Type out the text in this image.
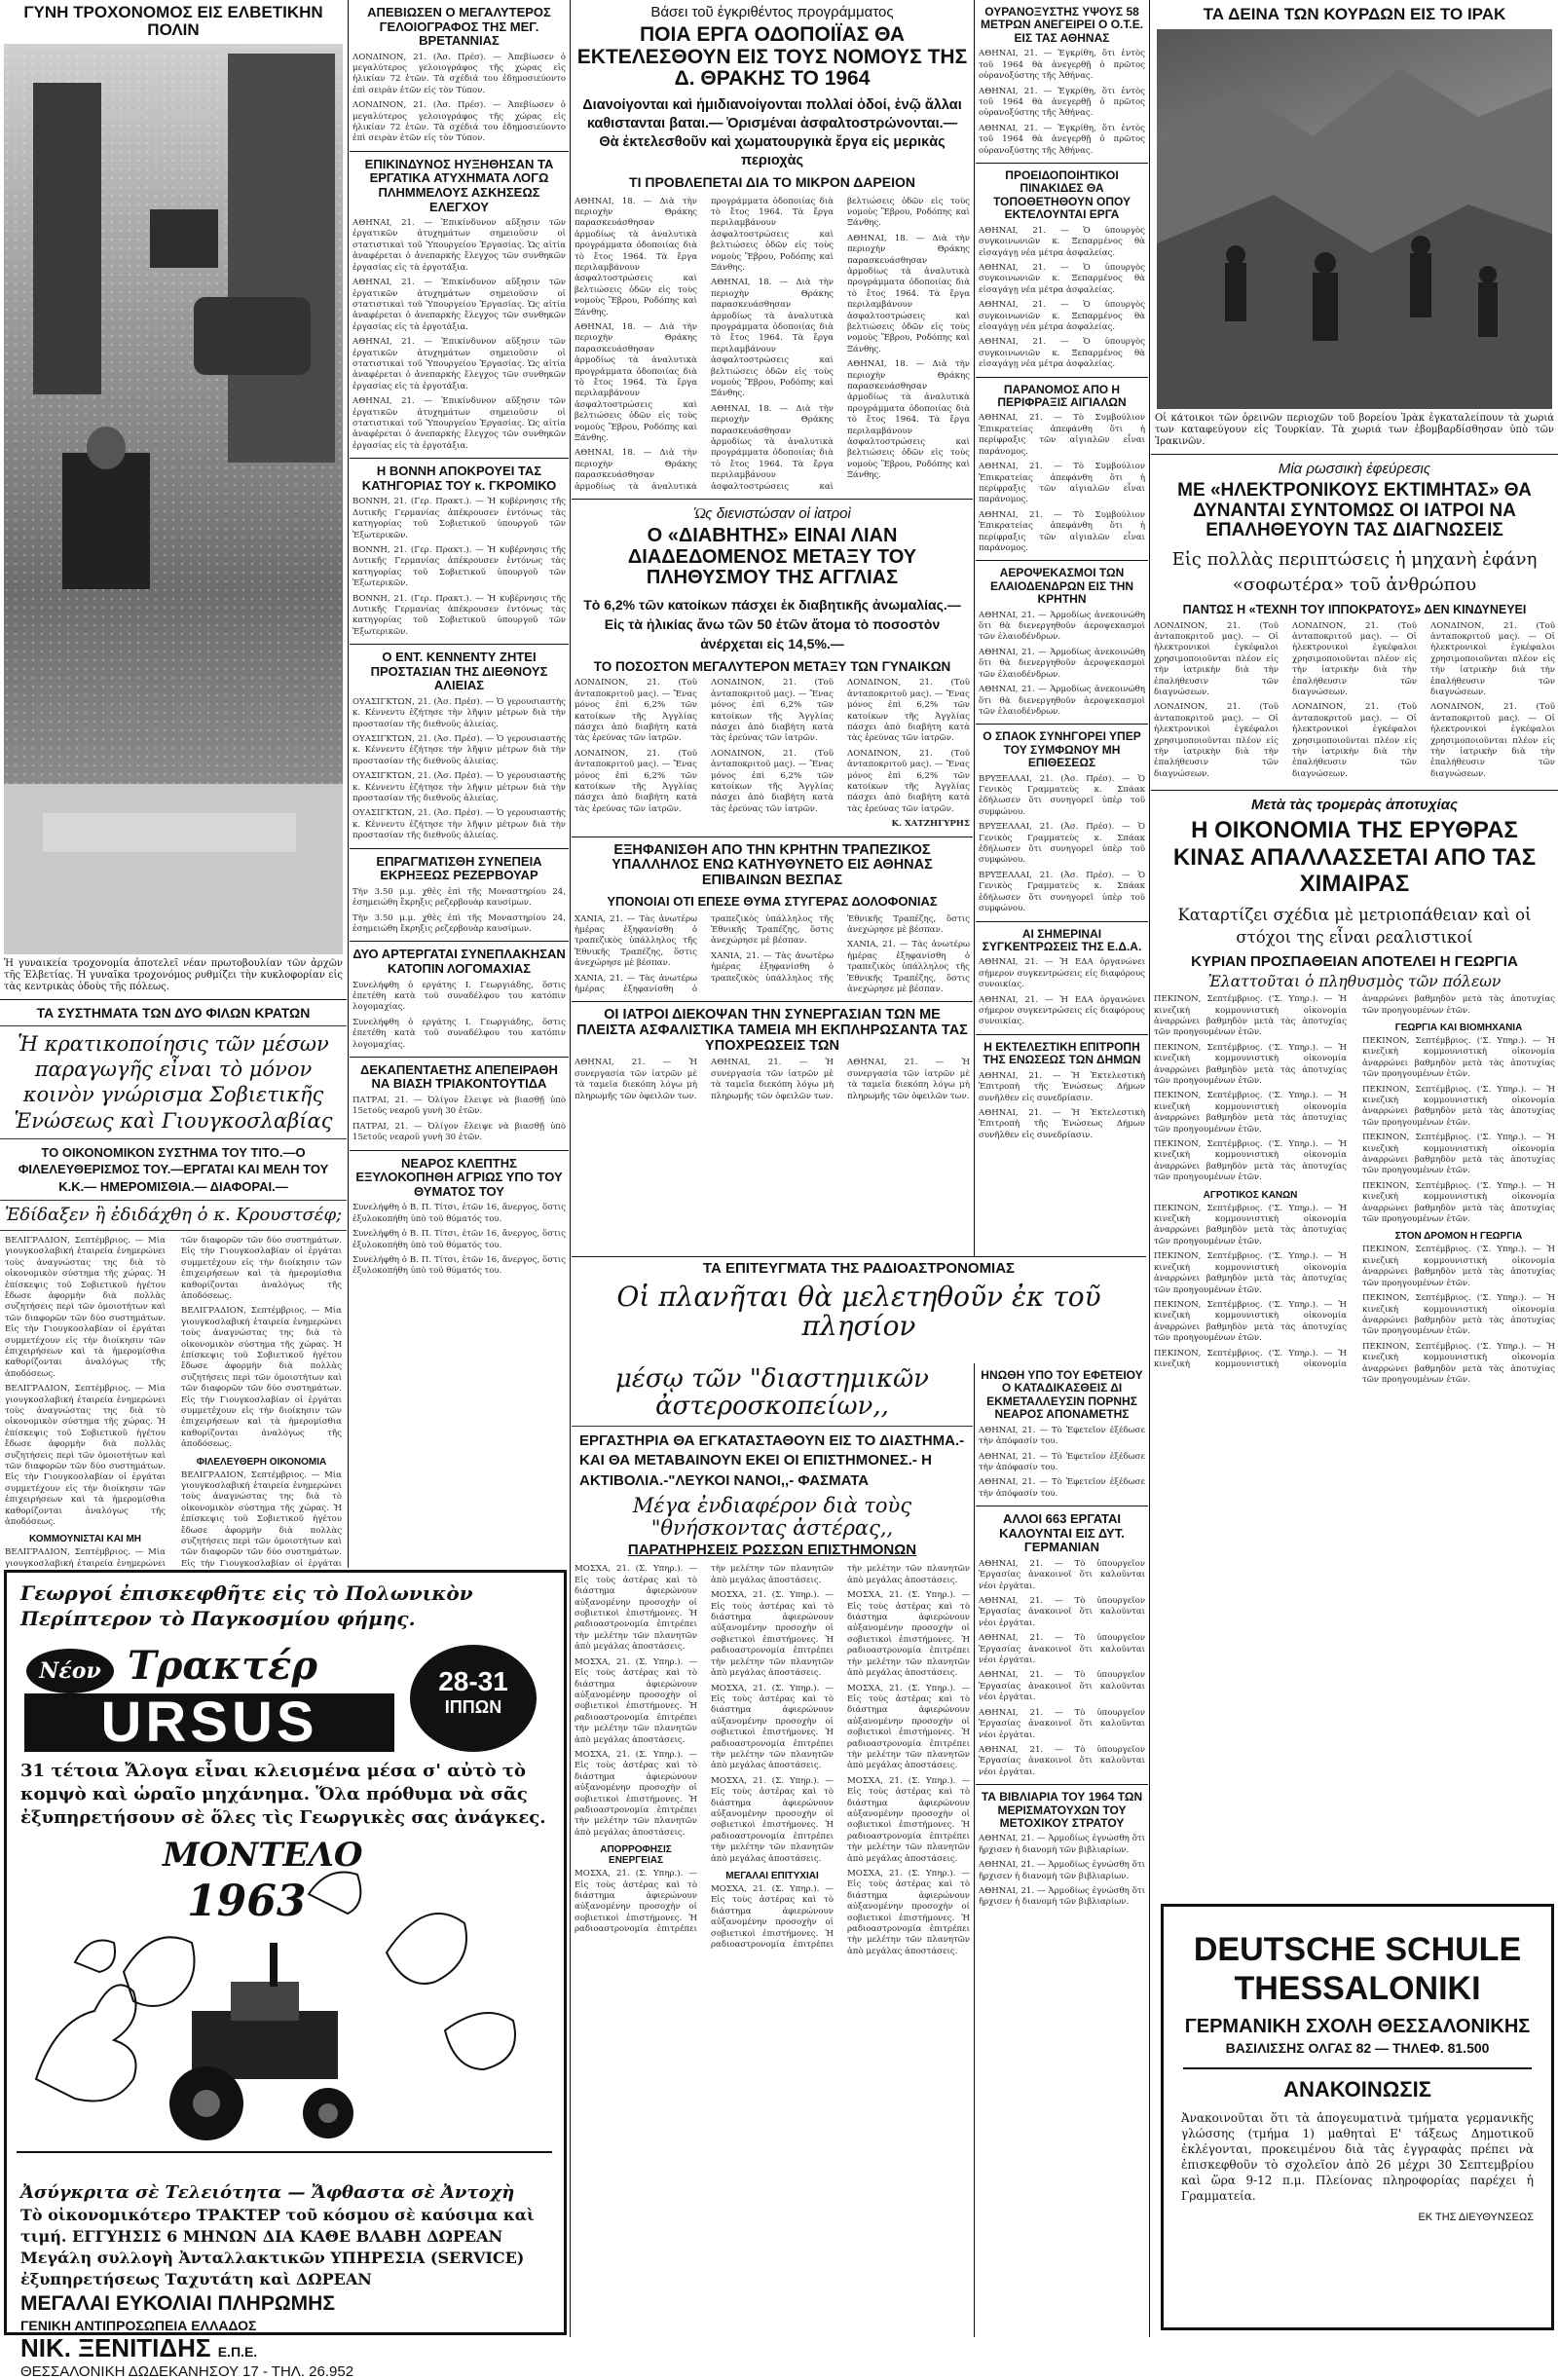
ΓΥΝΗ ΤΡΟΧΟΝΟΜΟΣ ΕΙΣ ΕΛΒΕΤΙΚΗΝ ΠΟΛΙΝ
Ἡ γυναικεία τροχονομία ἀποτελεῖ νέαν πρωτοβουλίαν τῶν ἀρχῶν τῆς Ἑλβετίας. Ἡ γυναῖκα τροχονόμος ρυθμίζει τὴν κυκλοφορίαν εἰς τὰς κεντρικὰς ὁδοὺς τῆς πόλεως.
ΤΑ ΣΥΣΤΗΜΑΤΑ ΤΩΝ ΔΥΟ ΦΙΛΩΝ ΚΡΑΤΩΝ
Ἡ κρατικοποίησις τῶν μέσων παραγωγῆς εἶναι τὸ μόνον κοινὸν γνώρισμα Σοβιετικῆς Ἑνώσεως καὶ Γιουγκοσλαβίας
ΤΟ ΟΙΚΟΝΟΜΙΚΟΝ ΣΥΣΤΗΜΑ ΤΟΥ ΤΙΤΟ.—Ο ΦΙΛΕΛΕΥΘΕΡΙΣΜΟΣ ΤΟΥ.—ΕΡΓΑΤΑΙ ΚΑΙ ΜΕΛΗ ΤΟΥ Κ.Κ.— ΗΜΕΡΟΜΙΣΘΙΑ.— ΔΙΑΦΟΡΑΙ.—
Ἐδίδαξεν ἢ ἐδιδάχθη ὁ κ. Κρουστσέφ;

ΒΕΛΙΓΡΑΔΙΟΝ, Σεπτέμβριος. — Μία γιουγκοσλαβική ἐταιρεία ἐνημερώνει τοὺς ἀναγνώστας της διὰ τὸ οἰκονομικὸν σύστημα τῆς χώρας. Ἡ ἐπίσκεψις τοῦ Σοβιετικοῦ ἡγέτου ἔδωσε ἀφορμὴν διὰ πολλὰς συζητήσεις περὶ τῶν ὁμοιοτήτων καὶ τῶν διαφορῶν τῶν δύο συστημάτων. Εἰς τὴν Γιουγκοσλαβίαν οἱ ἐργάται συμμετέχουν εἰς τὴν διοίκησιν τῶν ἐπιχειρήσεων καὶ τὰ ἡμερομίσθια καθορίζονται ἀναλόγως τῆς ἀποδόσεως.

ΒΕΛΙΓΡΑΔΙΟΝ, Σεπτέμβριος. — Μία γιουγκοσλαβική ἐταιρεία ἐνημερώνει τοὺς ἀναγνώστας της διὰ τὸ οἰκονομικὸν σύστημα τῆς χώρας. Ἡ ἐπίσκεψις τοῦ Σοβιετικοῦ ἡγέτου ἔδωσε ἀφορμὴν διὰ πολλὰς συζητήσεις περὶ τῶν ὁμοιοτήτων καὶ τῶν διαφορῶν τῶν δύο συστημάτων. Εἰς τὴν Γιουγκοσλαβίαν οἱ ἐργάται συμμετέχουν εἰς τὴν διοίκησιν τῶν ἐπιχειρήσεων καὶ τὰ ἡμερομίσθια καθορίζονται ἀναλόγως τῆς ἀποδόσεως.

ΚΟΜΜΟΥΝΙΣΤΑΙ ΚΑΙ ΜΗ

ΒΕΛΙΓΡΑΔΙΟΝ, Σεπτέμβριος. — Μία γιουγκοσλαβική ἐταιρεία ἐνημερώνει τῶν διαφορῶν τῶν δύο συστημάτων. Εἰς τὴν Γιουγκοσλαβίαν οἱ ἐργάται συμμετέχουν εἰς τὴν διοίκησιν τῶν ἐπιχειρήσεων καὶ τὰ ἡμερομίσθια καθορίζονται ἀναλόγως τῆς ἀποδόσεως.

ΒΕΛΙΓΡΑΔΙΟΝ, Σεπτέμβριος. — Μία γιουγκοσλαβική ἐταιρεία ἐνημερώνει τοὺς ἀναγνώστας της διὰ τὸ οἰκονομικὸν σύστημα τῆς χώρας. Ἡ ἐπίσκεψις τοῦ Σοβιετικοῦ ἡγέτου ἔδωσε ἀφορμὴν διὰ πολλὰς συζητήσεις περὶ τῶν ὁμοιοτήτων καὶ τῶν διαφορῶν τῶν δύο συστημάτων. Εἰς τὴν Γιουγκοσλαβίαν οἱ ἐργάται συμμετέχουν εἰς τὴν διοίκησιν τῶν ἐπιχειρήσεων καὶ τὰ ἡμερομίσθια καθορίζονται ἀναλόγως τῆς ἀποδόσεως.

ΦΙΛΕΛΕΥΘΕΡΗ ΟΙΚΟΝΟΜΙΑ

ΒΕΛΙΓΡΑΔΙΟΝ, Σεπτέμβριος. — Μία γιουγκοσλαβική ἐταιρεία ἐνημερώνει τοὺς ἀναγνώστας της διὰ τὸ οἰκονομικὸν σύστημα τῆς χώρας. Ἡ ἐπίσκεψις τοῦ Σοβιετικοῦ ἡγέτου ἔδωσε ἀφορμὴν διὰ πολλὰς συζητήσεις περὶ τῶν ὁμοιοτήτων καὶ τῶν διαφορῶν τῶν δύο συστημάτων. Εἰς τὴν Γιουγκοσλαβίαν οἱ ἐργάται

Γεωργοί ἐπισκεφθῆτε εἰς τὸ Πολωνικὸν Περίπτερον τὸ Παγκοσμίου φήμης.
Νέον Τρακτέρ
URSUS
28-31
ΙΠΠΩΝ
31 τέτοια Ἄλογα εἶναι κλεισμένα μέσα σ' αὐτὸ τὸ κομψὸ καὶ ὡραῖο μηχάνημα. Ὅλα πρόθυμα νὰ σᾶς ἐξυπηρετήσουν σὲ ὅλες τὶς Γεωργικὲς σας ἀνάγκες.
ΜΟΝΤΕΛΟ
1963
Ἀσύγκριτα σὲ Τελειότητα — Ἄφθαστα σὲ Ἀντοχὴ
Τὸ οἰκονομικότερο ΤΡΑΚΤΕΡ τοῦ κόσμου σὲ καύσιμα καὶ τιμή. ΕΓΓΥΗΣΙΣ 6 ΜΗΝΩΝ ΔΙΑ ΚΑΘΕ ΒΛΑΒΗ ΔΩΡΕΑΝ Μεγάλη συλλογὴ Ἀνταλλακτικῶν ΥΠΗΡΕΣΙΑ (SERVICE) ἐξυπηρετήσεως Ταχυτάτη καὶ ΔΩΡΕΑΝ
ΜΕΓΑΛΑΙ ΕΥΚΟΛΙΑΙ ΠΛΗΡΩΜΗΣ
ΓΕΝΙΚΗ ΑΝΤΙΠΡΟΣΩΠΕΙΑ ΕΛΛΑΔΟΣ
ΝΙΚ. ΞΕΝΙΤΙΔΗΣ Ε.Π.Ε.
ΘΕΣΣΑΛΟΝΙΚΗ ΔΩΔΕΚΑΝΗΣΟΥ 17 - ΤΗΛ. 26.952
ΑΠΕΒΙΩΣΕΝ Ο ΜΕΓΑΛΥΤΕΡΟΣ ΓΕΛΟΙΟΓΡΑΦΟΣ ΤΗΣ ΜΕΓ. ΒΡΕΤΑΝΝΙΑΣ

ΛΟΝΔΙΝΟΝ, 21. (Ἀσ. Πρέσ). — Ἀπεβίωσεν ὁ μεγαλύτερος γελοιογράφος τῆς χώρας εἰς ἡλικίαν 72 ἐτῶν. Τὰ σχέδιά του ἐδημοσιεύοντο ἐπὶ σειρὰν ἐτῶν εἰς τὸν Τύπον.

ΛΟΝΔΙΝΟΝ, 21. (Ἀσ. Πρέσ). — Ἀπεβίωσεν ὁ μεγαλύτερος γελοιογράφος τῆς χώρας εἰς ἡλικίαν 72 ἐτῶν. Τὰ σχέδιά του ἐδημοσιεύοντο ἐπὶ σειρὰν ἐτῶν εἰς τὸν Τύπον.

ΕΠΙΚΙΝΔΥΝΟΣ ΗΥΞΗΘΗΣΑΝ ΤΑ ΕΡΓΑΤΙΚΑ ΑΤΥΧΗΜΑΤΑ ΛΟΓΩ ΠΛΗΜΜΕΛΟΥΣ ΑΣΚΗΣΕΩΣ ΕΛΕΓΧΟΥ

ΑΘΗΝΑΙ, 21. — Ἐπικίνδυνον αὔξησιν τῶν ἐργατικῶν ἀτυχημάτων σημειοῦσιν οἱ στατιστικαὶ τοῦ Ὑπουργείου Ἐργασίας. Ὡς αἰτία ἀναφέρεται ὁ ἀνεπαρκὴς ἔλεγχος τῶν συνθηκῶν ἐργασίας εἰς τὰ ἐργοτάξια.

ΑΘΗΝΑΙ, 21. — Ἐπικίνδυνον αὔξησιν τῶν ἐργατικῶν ἀτυχημάτων σημειοῦσιν οἱ στατιστικαὶ τοῦ Ὑπουργείου Ἐργασίας. Ὡς αἰτία ἀναφέρεται ὁ ἀνεπαρκὴς ἔλεγχος τῶν συνθηκῶν ἐργασίας εἰς τὰ ἐργοτάξια.

ΑΘΗΝΑΙ, 21. — Ἐπικίνδυνον αὔξησιν τῶν ἐργατικῶν ἀτυχημάτων σημειοῦσιν οἱ στατιστικαὶ τοῦ Ὑπουργείου Ἐργασίας. Ὡς αἰτία ἀναφέρεται ὁ ἀνεπαρκὴς ἔλεγχος τῶν συνθηκῶν ἐργασίας εἰς τὰ ἐργοτάξια.

ΑΘΗΝΑΙ, 21. — Ἐπικίνδυνον αὔξησιν τῶν ἐργατικῶν ἀτυχημάτων σημειοῦσιν οἱ στατιστικαὶ τοῦ Ὑπουργείου Ἐργασίας. Ὡς αἰτία ἀναφέρεται ὁ ἀνεπαρκὴς ἔλεγχος τῶν συνθηκῶν ἐργασίας εἰς τὰ ἐργοτάξια.

Η ΒΟΝΝΗ ΑΠΟΚΡΟΥΕΙ ΤΑΣ ΚΑΤΗΓΟΡΙΑΣ ΤΟΥ κ. ΓΚΡΟΜΙΚΟ

ΒΟΝΝΗ, 21. (Γερ. Πρακτ.). — Ἡ κυβέρνησις τῆς Δυτικῆς Γερμανίας ἀπέκρουσεν ἐντόνως τὰς κατηγορίας τοῦ Σοβιετικοῦ ὑπουργοῦ τῶν Ἐξωτερικῶν.

ΒΟΝΝΗ, 21. (Γερ. Πρακτ.). — Ἡ κυβέρνησις τῆς Δυτικῆς Γερμανίας ἀπέκρουσεν ἐντόνως τὰς κατηγορίας τοῦ Σοβιετικοῦ ὑπουργοῦ τῶν Ἐξωτερικῶν.

ΒΟΝΝΗ, 21. (Γερ. Πρακτ.). — Ἡ κυβέρνησις τῆς Δυτικῆς Γερμανίας ἀπέκρουσεν ἐντόνως τὰς κατηγορίας τοῦ Σοβιετικοῦ ὑπουργοῦ τῶν Ἐξωτερικῶν.

Ο ΕΝΤ. ΚΕΝΝΕΝΤΥ ΖΗΤΕΙ ΠΡΟΣΤΑΣΙΑΝ ΤΗΣ ΔΙΕΘΝΟΥΣ ΑΛΙΕΙΑΣ

ΟΥΑΣΙΓΚΤΩΝ, 21. (Ἀσ. Πρέσ). — Ὁ γερουσιαστὴς κ. Κέννεντυ ἐζήτησε τὴν λῆψιν μέτρων διὰ τὴν προστασίαν τῆς διεθνοῦς ἁλιείας.

ΟΥΑΣΙΓΚΤΩΝ, 21. (Ἀσ. Πρέσ). — Ὁ γερουσιαστὴς κ. Κέννεντυ ἐζήτησε τὴν λῆψιν μέτρων διὰ τὴν προστασίαν τῆς διεθνοῦς ἁλιείας.

ΟΥΑΣΙΓΚΤΩΝ, 21. (Ἀσ. Πρέσ). — Ὁ γερουσιαστὴς κ. Κέννεντυ ἐζήτησε τὴν λῆψιν μέτρων διὰ τὴν προστασίαν τῆς διεθνοῦς ἁλιείας.

ΟΥΑΣΙΓΚΤΩΝ, 21. (Ἀσ. Πρέσ). — Ὁ γερουσιαστὴς κ. Κέννεντυ ἐζήτησε τὴν λῆψιν μέτρων διὰ τὴν προστασίαν τῆς διεθνοῦς ἁλιείας.

ΕΠΡΑΓΜΑΤΙΣΘΗ ΣΥΝΕΠΕΙΑ ΕΚΡΗΞΕΩΣ ΡΕΖΕΡΒΟΥΑΡ

Τὴν 3.50 μ.μ. χθὲς ἐπὶ τῆς Μοναστηρίου 24, ἐσημειώθη ἔκρηξις ρεζερβουὰρ καυσίμων.

Τὴν 3.50 μ.μ. χθὲς ἐπὶ τῆς Μοναστηρίου 24, ἐσημειώθη ἔκρηξις ρεζερβουὰρ καυσίμων.

ΔΥΟ ΑΡΤΕΡΓΑΤΑΙ ΣΥΝΕΠΛΑΚΗΣΑΝ ΚΑΤΟΠΙΝ ΛΟΓΟΜΑΧΙΑΣ

Συνελήφθη ὁ εργάτης Ι. Γεωργιάδης, ὅστις ἐπετέθη κατὰ τοῦ συναδέλφου του κατόπιν λογομαχίας.

Συνελήφθη ὁ εργάτης Ι. Γεωργιάδης, ὅστις ἐπετέθη κατὰ τοῦ συναδέλφου του κατόπιν λογομαχίας.

ΔΕΚΑΠΕΝΤΑΕΤΗΣ ΑΠΕΠΕΙΡΑΘΗ ΝΑ ΒΙΑΣΗ ΤΡΙΑΚΟΝΤΟΥΤΙΔΑ

ΠΑΤΡΑΙ, 21. — Ὀλίγον ἔλειψε νὰ βιασθῇ ὑπὸ 15ετοῦς νεαροῦ γυνὴ 30 ἐτῶν.

ΠΑΤΡΑΙ, 21. — Ὀλίγον ἔλειψε νὰ βιασθῇ ὑπὸ 15ετοῦς νεαροῦ γυνὴ 30 ἐτῶν.

ΝΕΑΡΟΣ ΚΛΕΠΤΗΣ ΕΞΥΛΟΚΟΠΗΘΗ ΑΓΡΙΩΣ ΥΠΟ ΤΟΥ ΘΥΜΑΤΟΣ ΤΟΥ

Συνελήφθη ὁ Β. Π. Τίτσι, ἐτῶν 16, ἄνεργος, ὅστις ἐξυλοκοπήθη ὑπὸ τοῦ θύματός του.

Συνελήφθη ὁ Β. Π. Τίτσι, ἐτῶν 16, ἄνεργος, ὅστις ἐξυλοκοπήθη ὑπὸ τοῦ θύματός του.

Συνελήφθη ὁ Β. Π. Τίτσι, ἐτῶν 16, ἄνεργος, ὅστις ἐξυλοκοπήθη ὑπὸ τοῦ θύματός του.

Βάσει τοῦ ἐγκριθέντος προγράμματος
ΠΟΙΑ ΕΡΓΑ ΟΔΟΠΟΙΪΑΣ ΘΑ ΕΚΤΕΛΕΣΘΟΥΝ ΕΙΣ ΤΟΥΣ ΝΟΜΟΥΣ ΤΗΣ Δ. ΘΡΑΚΗΣ ΤΟ 1964
Διανοίγονται καὶ ἡμιδιανοίγονται πολλαί ὁδοί, ἐνῷ ἄλλαι καθιστανται βαται.— Ὁρισμέναι ἀσφαλτοστρώνονται.— Θὰ ἐκτελεσθοῦν καὶ χωματουργικὰ ἔργα εἰς μερικὰς περιοχὰς
ΤΙ ΠΡΟΒΛΕΠΕΤΑΙ ΔΙΑ ΤΟ ΜΙΚΡΟΝ ΔΑΡΕΙΟΝ

ΑΘΗΝΑΙ, 18. — Διὰ τὴν περιοχὴν Θράκης παρασκευάσθησαν ἀρμοδίως τὰ ἀναλυτικὰ προγράμματα ὁδοποιίας διὰ τὸ ἔτος 1964. Τὰ ἔργα περιλαμβάνουν ἀσφαλτοστρώσεις καὶ βελτιώσεις ὁδῶν εἰς τοὺς νομοὺς Ἕβρου, Ροδόπης καὶ Ξάνθης.

ΑΘΗΝΑΙ, 18. — Διὰ τὴν περιοχὴν Θράκης παρασκευάσθησαν ἀρμοδίως τὰ ἀναλυτικὰ προγράμματα ὁδοποιίας διὰ τὸ ἔτος 1964. Τὰ ἔργα περιλαμβάνουν ἀσφαλτοστρώσεις καὶ βελτιώσεις ὁδῶν εἰς τοὺς νομοὺς Ἕβρου, Ροδόπης καὶ Ξάνθης.

ΑΘΗΝΑΙ, 18. — Διὰ τὴν περιοχὴν Θράκης παρασκευάσθησαν ἀρμοδίως τὰ ἀναλυτικὰ προγράμματα ὁδοποιίας διὰ τὸ ἔτος 1964. Τὰ ἔργα περιλαμβάνουν ἀσφαλτοστρώσεις καὶ βελτιώσεις ὁδῶν εἰς τοὺς νομοὺς Ἕβρου, Ροδόπης καὶ Ξάνθης.

ΑΘΗΝΑΙ, 18. — Διὰ τὴν περιοχὴν Θράκης παρασκευάσθησαν ἀρμοδίως τὰ ἀναλυτικὰ προγράμματα ὁδοποιίας διὰ τὸ ἔτος 1964. Τὰ ἔργα περιλαμβάνουν ἀσφαλτοστρώσεις καὶ βελτιώσεις ὁδῶν εἰς τοὺς νομοὺς Ἕβρου, Ροδόπης καὶ Ξάνθης.

ΑΘΗΝΑΙ, 18. — Διὰ τὴν περιοχὴν Θράκης παρασκευάσθησαν ἀρμοδίως τὰ ἀναλυτικὰ προγράμματα ὁδοποιίας διὰ τὸ ἔτος 1964. Τὰ ἔργα περιλαμβάνουν ἀσφαλτοστρώσεις καὶ βελτιώσεις ὁδῶν εἰς τοὺς νομοὺς Ἕβρου, Ροδόπης καὶ Ξάνθης.

ΑΘΗΝΑΙ, 18. — Διὰ τὴν περιοχὴν Θράκης παρασκευάσθησαν ἀρμοδίως τὰ ἀναλυτικὰ προγράμματα ὁδοποιίας διὰ τὸ ἔτος 1964. Τὰ ἔργα περιλαμβάνουν ἀσφαλτοστρώσεις καὶ βελτιώσεις ὁδῶν εἰς τοὺς νομοὺς Ἕβρου, Ροδόπης καὶ Ξάνθης.

ΑΘΗΝΑΙ, 18. — Διὰ τὴν περιοχὴν Θράκης παρασκευάσθησαν ἀρμοδίως τὰ ἀναλυτικὰ προγράμματα ὁδοποιίας διὰ τὸ ἔτος 1964. Τὰ ἔργα περιλαμβάνουν ἀσφαλτοστρώσεις καὶ βελτιώσεις ὁδῶν εἰς τοὺς νομοὺς Ἕβρου, Ροδόπης καὶ Ξάνθης.

Ὡς διενιστώσαν οἱ ἰατροὶ
Ο «ΔΙΑΒΗΤΗΣ» ΕΙΝΑΙ ΛΙΑΝ ΔΙΑΔΕΔΟΜΕΝΟΣ ΜΕΤΑΞΥ ΤΟΥ ΠΛΗΘΥΣΜΟΥ ΤΗΣ ΑΓΓΛΙΑΣ
Τὸ 6,2% τῶν κατοίκων πάσχει ἐκ διαβητικῆς ἀνωμαλίας.— Εἰς τὰ ἡλικίας ἄνω τῶν 50 ἐτῶν ἄτομα τὸ ποσοστὸν ἀνέρχεται εἰς 14,5%.—
ΤΟ ΠΟΣΟΣΤΟΝ ΜΕΓΑΛΥΤΕΡΟΝ ΜΕΤΑΞΥ ΤΩΝ ΓΥΝΑΙΚΩΝ

ΛΟΝΔΙΝΟΝ, 21. (Τοῦ ἀνταποκριτοῦ μας). — Ἔνας μόνος ἐπὶ 6,2% τῶν κατοίκων τῆς Ἀγγλίας πάσχει ἀπὸ διαβήτη κατὰ τὰς ἐρεύνας τῶν ἰατρῶν.

ΛΟΝΔΙΝΟΝ, 21. (Τοῦ ἀνταποκριτοῦ μας). — Ἔνας μόνος ἐπὶ 6,2% τῶν κατοίκων τῆς Ἀγγλίας πάσχει ἀπὸ διαβήτη κατὰ τὰς ἐρεύνας τῶν ἰατρῶν.

ΛΟΝΔΙΝΟΝ, 21. (Τοῦ ἀνταποκριτοῦ μας). — Ἔνας μόνος ἐπὶ 6,2% τῶν κατοίκων τῆς Ἀγγλίας πάσχει ἀπὸ διαβήτη κατὰ τὰς ἐρεύνας τῶν ἰατρῶν.

ΛΟΝΔΙΝΟΝ, 21. (Τοῦ ἀνταποκριτοῦ μας). — Ἔνας μόνος ἐπὶ 6,2% τῶν κατοίκων τῆς Ἀγγλίας πάσχει ἀπὸ διαβήτη κατὰ τὰς ἐρεύνας τῶν ἰατρῶν.

ΛΟΝΔΙΝΟΝ, 21. (Τοῦ ἀνταποκριτοῦ μας). — Ἔνας μόνος ἐπὶ 6,2% τῶν κατοίκων τῆς Ἀγγλίας πάσχει ἀπὸ διαβήτη κατὰ τὰς ἐρεύνας τῶν ἰατρῶν.

ΛΟΝΔΙΝΟΝ, 21. (Τοῦ ἀνταποκριτοῦ μας). — Ἔνας μόνος ἐπὶ 6,2% τῶν κατοίκων τῆς Ἀγγλίας πάσχει ἀπὸ διαβήτη κατὰ τὰς ἐρεύνας τῶν ἰατρῶν.

Κ. ΧΑΤΖΗΓΥΡΗΣ

ΕΞΗΦΑΝΙΣΘΗ ΑΠΟ ΤΗΝ ΚΡΗΤΗΝ ΤΡΑΠΕΖΙΚΟΣ ΥΠΑΛΛΗΛΟΣ ΕΝΩ ΚΑΤΗΥΘΥΝΕΤΟ ΕΙΣ ΑΘΗΝΑΣ ΕΠΙΒΑΙΝΩΝ ΒΕΣΠΑΣ
ΥΠΟΝΟΙΑΙ ΟΤΙ ΕΠΕΣΕ ΘΥΜΑ ΣΤΥΓΕΡΑΣ ΔΟΛΟΦΟΝΙΑΣ

ΧΑΝΙΑ, 21. — Τὰς ἀνωτέρω ἡμέρας ἐξηφανίσθη ὁ τραπεζικὸς ὑπάλληλος τῆς Ἐθνικῆς Τραπέζης, ὅστις ἀνεχώρησε μὲ βέσπαν.

ΧΑΝΙΑ, 21. — Τὰς ἀνωτέρω ἡμέρας ἐξηφανίσθη ὁ τραπεζικὸς ὑπάλληλος τῆς Ἐθνικῆς Τραπέζης, ὅστις ἀνεχώρησε μὲ βέσπαν.

ΧΑΝΙΑ, 21. — Τὰς ἀνωτέρω ἡμέρας ἐξηφανίσθη ὁ τραπεζικὸς ὑπάλληλος τῆς Ἐθνικῆς Τραπέζης, ὅστις ἀνεχώρησε μὲ βέσπαν.

ΧΑΝΙΑ, 21. — Τὰς ἀνωτέρω ἡμέρας ἐξηφανίσθη ὁ τραπεζικὸς ὑπάλληλος τῆς Ἐθνικῆς Τραπέζης, ὅστις ἀνεχώρησε μὲ βέσπαν.

ΟΙ ΙΑΤΡΟΙ ΔΙΕΚΟΨΑΝ ΤΗΝ ΣΥΝΕΡΓΑΣΙΑΝ ΤΩΝ ΜΕ ΠΛΕΙΣΤΑ ΑΣΦΑΛΙΣΤΙΚΑ ΤΑΜΕΙΑ ΜΗ ΕΚΠΛΗΡΩΣΑΝΤΑ ΤΑΣ ΥΠΟΧΡΕΩΣΕΙΣ ΤΩΝ

ΑΘΗΝΑΙ, 21. — Ἡ συνεργασία τῶν ἰατρῶν μὲ τὰ ταμεῖα διεκόπη λόγω μὴ πληρωμῆς τῶν ὀφειλῶν των.

ΑΘΗΝΑΙ, 21. — Ἡ συνεργασία τῶν ἰατρῶν μὲ τὰ ταμεῖα διεκόπη λόγω μὴ πληρωμῆς τῶν ὀφειλῶν των.

ΑΘΗΝΑΙ, 21. — Ἡ συνεργασία τῶν ἰατρῶν μὲ τὰ ταμεῖα διεκόπη λόγω μὴ πληρωμῆς τῶν ὀφειλῶν των.

ΤΑ ΕΠΙΤΕΥΓΜΑΤΑ ΤΗΣ ΡΑΔΙΟΑΣΤΡΟΝΟΜΙΑΣ
Οἱ πλανῆται θὰ μελετηθοῦν ἐκ τοῦ πλησίον
μέσῳ τῶν "διαστημικῶν ἀστεροσκοπείων,,
ΕΡΓΑΣΤΗΡΙΑ ΘΑ ΕΓΚΑΤΑΣΤΑΘΟΥΝ ΕΙΣ ΤΟ ΔΙΑΣΤΗΜΑ.- ΚΑΙ ΘΑ ΜΕΤΑΒΑΙΝΟΥΝ ΕΚΕΙ ΟΙ ΕΠΙΣΤΗΜΟΝΕΣ.- Η ΑΚΤΙΒΟΛΙΑ.-"ΛΕΥΚΟΙ ΝΑΝΟΙ,,- ΦΑΣΜΑΤΑ
Μέγα ἐνδιαφέρον διὰ τοὺς "θνήσκοντας ἀστέρας,,
ΠΑΡΑΤΗΡΗΣΕΙΣ ΡΩΣΣΩΝ ΕΠΙΣΤΗΜΟΝΩΝ

ΜΟΣΧΑ, 21. (Σ. Υπηρ.). — Εἰς τοὺς ἀστέρας καὶ τὸ διάστημα ἀφιερώνουν αὐξανομένην προσοχὴν οἱ σοβιετικοὶ ἐπιστήμονες. Ἡ ραδιοαστρονομία ἐπιτρέπει τὴν μελέτην τῶν πλανητῶν ἀπὸ μεγάλας ἀποστάσεις.

ΜΟΣΧΑ, 21. (Σ. Υπηρ.). — Εἰς τοὺς ἀστέρας καὶ τὸ διάστημα ἀφιερώνουν αὐξανομένην προσοχὴν οἱ σοβιετικοὶ ἐπιστήμονες. Ἡ ραδιοαστρονομία ἐπιτρέπει τὴν μελέτην τῶν πλανητῶν ἀπὸ μεγάλας ἀποστάσεις.

ΜΟΣΧΑ, 21. (Σ. Υπηρ.). — Εἰς τοὺς ἀστέρας καὶ τὸ διάστημα ἀφιερώνουν αὐξανομένην προσοχὴν οἱ σοβιετικοὶ ἐπιστήμονες. Ἡ ραδιοαστρονομία ἐπιτρέπει τὴν μελέτην τῶν πλανητῶν ἀπὸ μεγάλας ἀποστάσεις.

ΑΠΟΡΡΟΦΗΣΙΣ ΕΝΕΡΓΕΙΑΣ

ΜΟΣΧΑ, 21. (Σ. Υπηρ.). — Εἰς τοὺς ἀστέρας καὶ τὸ διάστημα ἀφιερώνουν αὐξανομένην προσοχὴν οἱ σοβιετικοὶ ἐπιστήμονες. Ἡ ραδιοαστρονομία ἐπιτρέπει τὴν μελέτην τῶν πλανητῶν ἀπὸ μεγάλας ἀποστάσεις.

ΜΟΣΧΑ, 21. (Σ. Υπηρ.). — Εἰς τοὺς ἀστέρας καὶ τὸ διάστημα ἀφιερώνουν αὐξανομένην προσοχὴν οἱ σοβιετικοὶ ἐπιστήμονες. Ἡ ραδιοαστρονομία ἐπιτρέπει τὴν μελέτην τῶν πλανητῶν ἀπὸ μεγάλας ἀποστάσεις.

ΜΟΣΧΑ, 21. (Σ. Υπηρ.). — Εἰς τοὺς ἀστέρας καὶ τὸ διάστημα ἀφιερώνουν αὐξανομένην προσοχὴν οἱ σοβιετικοὶ ἐπιστήμονες. Ἡ ραδιοαστρονομία ἐπιτρέπει τὴν μελέτην τῶν πλανητῶν ἀπὸ μεγάλας ἀποστάσεις.

ΜΟΣΧΑ, 21. (Σ. Υπηρ.). — Εἰς τοὺς ἀστέρας καὶ τὸ διάστημα ἀφιερώνουν αὐξανομένην προσοχὴν οἱ σοβιετικοὶ ἐπιστήμονες. Ἡ ραδιοαστρονομία ἐπιτρέπει τὴν μελέτην τῶν πλανητῶν ἀπὸ μεγάλας ἀποστάσεις.

ΜΕΓΑΛΑΙ ΕΠΙΤΥΧΙΑΙ

ΜΟΣΧΑ, 21. (Σ. Υπηρ.). — Εἰς τοὺς ἀστέρας καὶ τὸ διάστημα ἀφιερώνουν αὐξανομένην προσοχὴν οἱ σοβιετικοὶ ἐπιστήμονες. Ἡ ραδιοαστρονομία ἐπιτρέπει τὴν μελέτην τῶν πλανητῶν ἀπὸ μεγάλας ἀποστάσεις.

ΜΟΣΧΑ, 21. (Σ. Υπηρ.). — Εἰς τοὺς ἀστέρας καὶ τὸ διάστημα ἀφιερώνουν αὐξανομένην προσοχὴν οἱ σοβιετικοὶ ἐπιστήμονες. Ἡ ραδιοαστρονομία ἐπιτρέπει τὴν μελέτην τῶν πλανητῶν ἀπὸ μεγάλας ἀποστάσεις.

ΜΟΣΧΑ, 21. (Σ. Υπηρ.). — Εἰς τοὺς ἀστέρας καὶ τὸ διάστημα ἀφιερώνουν αὐξανομένην προσοχὴν οἱ σοβιετικοὶ ἐπιστήμονες. Ἡ ραδιοαστρονομία ἐπιτρέπει τὴν μελέτην τῶν πλανητῶν ἀπὸ μεγάλας ἀποστάσεις.

ΜΟΣΧΑ, 21. (Σ. Υπηρ.). — Εἰς τοὺς ἀστέρας καὶ τὸ διάστημα ἀφιερώνουν αὐξανομένην προσοχὴν οἱ σοβιετικοὶ ἐπιστήμονες. Ἡ ραδιοαστρονομία ἐπιτρέπει τὴν μελέτην τῶν πλανητῶν ἀπὸ μεγάλας ἀποστάσεις.

ΜΟΣΧΑ, 21. (Σ. Υπηρ.). — Εἰς τοὺς ἀστέρας καὶ τὸ διάστημα ἀφιερώνουν αὐξανομένην προσοχὴν οἱ σοβιετικοὶ ἐπιστήμονες. Ἡ ραδιοαστρονομία ἐπιτρέπει τὴν μελέτην τῶν πλανητῶν ἀπὸ μεγάλας ἀποστάσεις.

ΟΥΡΑΝΟΞΥΣΤΗΣ ΥΨΟΥΣ 58 ΜΕΤΡΩΝ ΑΝΕΓΕΙΡΕΙ Ο Ο.Τ.Ε. ΕΙΣ ΤΑΣ ΑΘΗΝΑΣ

ΑΘΗΝΑΙ, 21. — Ἐγκρίθη, ὅτι ἐντὸς τοῦ 1964 θὰ ἀνεγερθῇ ὁ πρῶτος οὐρανοξύστης τῆς Ἀθήνας.

ΑΘΗΝΑΙ, 21. — Ἐγκρίθη, ὅτι ἐντὸς τοῦ 1964 θὰ ἀνεγερθῇ ὁ πρῶτος οὐρανοξύστης τῆς Ἀθήνας.

ΑΘΗΝΑΙ, 21. — Ἐγκρίθη, ὅτι ἐντὸς τοῦ 1964 θὰ ἀνεγερθῇ ὁ πρῶτος οὐρανοξύστης τῆς Ἀθήνας.

ΠΡΟΕΙΔΟΠΟΙΗΤΙΚΟΙ ΠΙΝΑΚΙΔΕΣ ΘΑ ΤΟΠΟΘΕΤΗΘΟΥΝ ΟΠΟΥ ΕΚΤΕΛΟΥΝΤΑΙ ΕΡΓΑ

ΑΘΗΝΑΙ, 21. — Ὁ ὑπουργὸς συγκοινωνιῶν κ. Ξεπαρμένος θὰ εἰσαγάγῃ νέα μέτρα ἀσφαλείας.

ΑΘΗΝΑΙ, 21. — Ὁ ὑπουργὸς συγκοινωνιῶν κ. Ξεπαρμένος θὰ εἰσαγάγῃ νέα μέτρα ἀσφαλείας.

ΑΘΗΝΑΙ, 21. — Ὁ ὑπουργὸς συγκοινωνιῶν κ. Ξεπαρμένος θὰ εἰσαγάγῃ νέα μέτρα ἀσφαλείας.

ΑΘΗΝΑΙ, 21. — Ὁ ὑπουργὸς συγκοινωνιῶν κ. Ξεπαρμένος θὰ εἰσαγάγῃ νέα μέτρα ἀσφαλείας.

ΠΑΡΑΝΟΜΟΣ ΑΠΟ Η ΠΕΡΙΦΡΑΞΙΣ ΑΙΓΙΑΛΩΝ

ΑΘΗΝΑΙ, 21. — Τὸ Συμβούλιον Ἐπικρατείας ἀπεφάνθη ὅτι ἡ περίφραξις τῶν αἰγιαλῶν εἶναι παράνομος.

ΑΘΗΝΑΙ, 21. — Τὸ Συμβούλιον Ἐπικρατείας ἀπεφάνθη ὅτι ἡ περίφραξις τῶν αἰγιαλῶν εἶναι παράνομος.

ΑΘΗΝΑΙ, 21. — Τὸ Συμβούλιον Ἐπικρατείας ἀπεφάνθη ὅτι ἡ περίφραξις τῶν αἰγιαλῶν εἶναι παράνομος.

ΑΕΡΟΨΕΚΑΣΜΟΙ ΤΩΝ ΕΛΑΙΟΔΕΝΔΡΩΝ ΕΙΣ ΤΗΝ ΚΡΗΤΗΝ

ΑΘΗΝΑΙ, 21. — Ἀρμοδίως ἀνεκοινώθη ὅτι θὰ διενεργηθοῦν ἀεροψεκασμοὶ τῶν ἐλαιοδένδρων.

ΑΘΗΝΑΙ, 21. — Ἀρμοδίως ἀνεκοινώθη ὅτι θὰ διενεργηθοῦν ἀεροψεκασμοὶ τῶν ἐλαιοδένδρων.

ΑΘΗΝΑΙ, 21. — Ἀρμοδίως ἀνεκοινώθη ὅτι θὰ διενεργηθοῦν ἀεροψεκασμοὶ τῶν ἐλαιοδένδρων.

Ο ΣΠΑΟΚ ΣΥΝΗΓΟΡΕΙ ΥΠΕΡ ΤΟΥ ΣΥΜΦΩΝΟΥ ΜΗ ΕΠΙΘΕΣΕΩΣ

ΒΡΥΞΕΛΛΑΙ, 21. (Ἀσ. Πρέσ). — Ὁ Γενικὸς Γραμματεὺς κ. Σπάακ ἐδήλωσεν ὅτι συνηγορεῖ ὑπὲρ τοῦ συμφώνου.

ΒΡΥΞΕΛΛΑΙ, 21. (Ἀσ. Πρέσ). — Ὁ Γενικὸς Γραμματεὺς κ. Σπάακ ἐδήλωσεν ὅτι συνηγορεῖ ὑπὲρ τοῦ συμφώνου.

ΒΡΥΞΕΛΛΑΙ, 21. (Ἀσ. Πρέσ). — Ὁ Γενικὸς Γραμματεὺς κ. Σπάακ ἐδήλωσεν ὅτι συνηγορεῖ ὑπὲρ τοῦ συμφώνου.

ΑΙ ΣΗΜΕΡΙΝΑΙ ΣΥΓΚΕΝΤΡΩΣΕΙΣ ΤΗΣ Ε.Δ.Α.

ΑΘΗΝΑΙ, 21. — Ἡ ΕΔΑ ὀργανώνει σήμερον συγκεντρώσεις εἰς διαφόρους συνοικίας.

ΑΘΗΝΑΙ, 21. — Ἡ ΕΔΑ ὀργανώνει σήμερον συγκεντρώσεις εἰς διαφόρους συνοικίας.

Η ΕΚΤΕΛΕΣΤΙΚΗ ΕΠΙΤΡΟΠΗ ΤΗΣ ΕΝΩΣΕΩΣ ΤΩΝ ΔΗΜΩΝ

ΑΘΗΝΑΙ, 21. — Ἡ Ἐκτελεστικὴ Ἐπιτροπὴ τῆς Ἑνώσεως Δήμων συνῆλθεν εἰς συνεδρίασιν.

ΑΘΗΝΑΙ, 21. — Ἡ Ἐκτελεστικὴ Ἐπιτροπὴ τῆς Ἑνώσεως Δήμων συνῆλθεν εἰς συνεδρίασιν.

ΗΝΩΘΗ ΥΠΟ ΤΟΥ ΕΦΕΤΕΙΟΥ Ο ΚΑΤΑΔΙΚΑΣΘΕΙΣ ΔΙ ΕΚΜΕΤΑΛΛΕΥΣΙΝ ΠΟΡΝΗΣ ΝΕΑΡΟΣ ΑΠΟΝΑΜΕΤΗΣ

ΑΘΗΝΑΙ, 21. — Τὸ Ἐφετεῖον ἐξέδωσε τὴν ἀπόφασίν του.

ΑΘΗΝΑΙ, 21. — Τὸ Ἐφετεῖον ἐξέδωσε τὴν ἀπόφασίν του.

ΑΘΗΝΑΙ, 21. — Τὸ Ἐφετεῖον ἐξέδωσε τὴν ἀπόφασίν του.

ΑΛΛΟΙ 663 ΕΡΓΑΤΑΙ ΚΑΛΟΥΝΤΑΙ ΕΙΣ ΔΥΤ. ΓΕΡΜΑΝΙΑΝ

ΑΘΗΝΑΙ, 21. — Τὸ ὑπουργεῖον Ἐργασίας ἀνακοινοῖ ὅτι καλοῦνται νέοι ἐργάται.

ΑΘΗΝΑΙ, 21. — Τὸ ὑπουργεῖον Ἐργασίας ἀνακοινοῖ ὅτι καλοῦνται νέοι ἐργάται.

ΑΘΗΝΑΙ, 21. — Τὸ ὑπουργεῖον Ἐργασίας ἀνακοινοῖ ὅτι καλοῦνται νέοι ἐργάται.

ΑΘΗΝΑΙ, 21. — Τὸ ὑπουργεῖον Ἐργασίας ἀνακοινοῖ ὅτι καλοῦνται νέοι ἐργάται.

ΑΘΗΝΑΙ, 21. — Τὸ ὑπουργεῖον Ἐργασίας ἀνακοινοῖ ὅτι καλοῦνται νέοι ἐργάται.

ΑΘΗΝΑΙ, 21. — Τὸ ὑπουργεῖον Ἐργασίας ἀνακοινοῖ ὅτι καλοῦνται νέοι ἐργάται.

ΤΑ ΒΙΒΛΙΑΡΙΑ ΤΟΥ 1964 ΤΩΝ ΜΕΡΙΣΜΑΤΟΥΧΩΝ ΤΟΥ ΜΕΤΟΧΙΚΟΥ ΣΤΡΑΤΟΥ

ΑΘΗΝΑΙ, 21. — Ἀρμοδίως ἐγνώσθη ὅτι ἤρχισεν ἡ διανομὴ τῶν βιβλιαρίων.

ΑΘΗΝΑΙ, 21. — Ἀρμοδίως ἐγνώσθη ὅτι ἤρχισεν ἡ διανομὴ τῶν βιβλιαρίων.

ΑΘΗΝΑΙ, 21. — Ἀρμοδίως ἐγνώσθη ὅτι ἤρχισεν ἡ διανομὴ τῶν βιβλιαρίων.

ΤΑ ΔΕΙΝΑ ΤΩΝ ΚΟΥΡΔΩΝ ΕΙΣ ΤΟ ΙΡΑΚ
Οἱ κάτοικοι τῶν ὀρεινῶν περιοχῶν τοῦ βορείου Ἰρὰκ ἐγκαταλείπουν τὰ χωριά των καταφεύγουν εἰς Τουρκίαν. Τὰ χωριά των ἐβομβαρδίσθησαν ὑπὸ τῶν Ἰρακινῶν.
Μία ρωσσικὴ ἐφεύρεσις
ΜΕ «ΗΛΕΚΤΡΟΝΙΚΟΥΣ ΕΚΤΙΜΗΤΑΣ» ΘΑ ΔΥΝΑΝΤΑΙ ΣΥΝΤΟΜΩΣ ΟΙ ΙΑΤΡΟΙ ΝΑ ΕΠΑΛΗΘΕΥΟΥΝ ΤΑΣ ΔΙΑΓΝΩΣΕΙΣ
Εἰς πολλὰς περιπτώσεις ἡ μηχανὴ ἐφάνη «σοφωτέρα» τοῦ ἀνθρώπου
ΠΑΝΤΩΣ Η «ΤΕΧΝΗ ΤΟΥ ΙΠΠΟΚΡΑΤΟΥΣ» ΔΕΝ ΚΙΝΔΥΝΕΥΕΙ

ΛΟΝΔΙΝΟΝ, 21. (Τοῦ ἀνταποκριτοῦ μας). — Οἱ ἠλεκτρονικοὶ ἐγκέφαλοι χρησιμοποιοῦνται πλέον εἰς τὴν ἰατρικὴν διὰ τὴν ἐπαλήθευσιν τῶν διαγνώσεων.

ΛΟΝΔΙΝΟΝ, 21. (Τοῦ ἀνταποκριτοῦ μας). — Οἱ ἠλεκτρονικοὶ ἐγκέφαλοι χρησιμοποιοῦνται πλέον εἰς τὴν ἰατρικὴν διὰ τὴν ἐπαλήθευσιν τῶν διαγνώσεων.

ΛΟΝΔΙΝΟΝ, 21. (Τοῦ ἀνταποκριτοῦ μας). — Οἱ ἠλεκτρονικοὶ ἐγκέφαλοι χρησιμοποιοῦνται πλέον εἰς τὴν ἰατρικὴν διὰ τὴν ἐπαλήθευσιν τῶν διαγνώσεων.

ΛΟΝΔΙΝΟΝ, 21. (Τοῦ ἀνταποκριτοῦ μας). — Οἱ ἠλεκτρονικοὶ ἐγκέφαλοι χρησιμοποιοῦνται πλέον εἰς τὴν ἰατρικὴν διὰ τὴν ἐπαλήθευσιν τῶν διαγνώσεων.

ΛΟΝΔΙΝΟΝ, 21. (Τοῦ ἀνταποκριτοῦ μας). — Οἱ ἠλεκτρονικοὶ ἐγκέφαλοι χρησιμοποιοῦνται πλέον εἰς τὴν ἰατρικὴν διὰ τὴν ἐπαλήθευσιν τῶν διαγνώσεων.

ΛΟΝΔΙΝΟΝ, 21. (Τοῦ ἀνταποκριτοῦ μας). — Οἱ ἠλεκτρονικοὶ ἐγκέφαλοι χρησιμοποιοῦνται πλέον εἰς τὴν ἰατρικὴν διὰ τὴν ἐπαλήθευσιν τῶν διαγνώσεων.

Μετὰ τὰς τρομερὰς ἀποτυχίας
Η ΟΙΚΟΝΟΜΙΑ ΤΗΣ ΕΡΥΘΡΑΣ ΚΙΝΑΣ ΑΠΑΛΛΑΣΣΕΤΑΙ ΑΠΟ ΤΑΣ ΧΙΜΑΙΡΑΣ
Καταρτίζει σχέδια μὲ μετριοπάθειαν καὶ οἱ στόχοι της εἶναι ρεαλιστικοί
ΚΥΡΙΑΝ ΠΡΟΣΠΑΘΕΙΑΝ ΑΠΟΤΕΛΕΙ Η ΓΕΩΡΓΙΑ
Ἐλαττοῦται ὁ πληθυσμὸς τῶν πόλεων

ΠΕΚΙΝΟΝ, Σεπτέμβριος. ('Σ. Υπηρ.). — Ἡ κινεζικὴ κομμουνιστικὴ οἰκονομία ἀναρρώνει βαθμηδὸν μετὰ τὰς ἀποτυχίας τῶν προηγουμένων ἐτῶν.

ΠΕΚΙΝΟΝ, Σεπτέμβριος. ('Σ. Υπηρ.). — Ἡ κινεζικὴ κομμουνιστικὴ οἰκονομία ἀναρρώνει βαθμηδὸν μετὰ τὰς ἀποτυχίας τῶν προηγουμένων ἐτῶν.

ΠΕΚΙΝΟΝ, Σεπτέμβριος. ('Σ. Υπηρ.). — Ἡ κινεζικὴ κομμουνιστικὴ οἰκονομία ἀναρρώνει βαθμηδὸν μετὰ τὰς ἀποτυχίας τῶν προηγουμένων ἐτῶν.

ΠΕΚΙΝΟΝ, Σεπτέμβριος. ('Σ. Υπηρ.). — Ἡ κινεζικὴ κομμουνιστικὴ οἰκονομία ἀναρρώνει βαθμηδὸν μετὰ τὰς ἀποτυχίας τῶν προηγουμένων ἐτῶν.

ΑΓΡΟΤΙΚΟΣ ΚΑΝΩΝ

ΠΕΚΙΝΟΝ, Σεπτέμβριος. ('Σ. Υπηρ.). — Ἡ κινεζικὴ κομμουνιστικὴ οἰκονομία ἀναρρώνει βαθμηδὸν μετὰ τὰς ἀποτυχίας τῶν προηγουμένων ἐτῶν.

ΠΕΚΙΝΟΝ, Σεπτέμβριος. ('Σ. Υπηρ.). — Ἡ κινεζικὴ κομμουνιστικὴ οἰκονομία ἀναρρώνει βαθμηδὸν μετὰ τὰς ἀποτυχίας τῶν προηγουμένων ἐτῶν.

ΠΕΚΙΝΟΝ, Σεπτέμβριος. ('Σ. Υπηρ.). — Ἡ κινεζικὴ κομμουνιστικὴ οἰκονομία ἀναρρώνει βαθμηδὸν μετὰ τὰς ἀποτυχίας τῶν προηγουμένων ἐτῶν.

ΠΕΚΙΝΟΝ, Σεπτέμβριος. ('Σ. Υπηρ.). — Ἡ κινεζικὴ κομμουνιστικὴ οἰκονομία ἀναρρώνει βαθμηδὸν μετὰ τὰς ἀποτυχίας τῶν προηγουμένων ἐτῶν.

ΓΕΩΡΓΙΑ ΚΑΙ ΒΙΟΜΗΧΑΝΙΑ

ΠΕΚΙΝΟΝ, Σεπτέμβριος. ('Σ. Υπηρ.). — Ἡ κινεζικὴ κομμουνιστικὴ οἰκονομία ἀναρρώνει βαθμηδὸν μετὰ τὰς ἀποτυχίας τῶν προηγουμένων ἐτῶν.

ΠΕΚΙΝΟΝ, Σεπτέμβριος. ('Σ. Υπηρ.). — Ἡ κινεζικὴ κομμουνιστικὴ οἰκονομία ἀναρρώνει βαθμηδὸν μετὰ τὰς ἀποτυχίας τῶν προηγουμένων ἐτῶν.

ΠΕΚΙΝΟΝ, Σεπτέμβριος. ('Σ. Υπηρ.). — Ἡ κινεζικὴ κομμουνιστικὴ οἰκονομία ἀναρρώνει βαθμηδὸν μετὰ τὰς ἀποτυχίας τῶν προηγουμένων ἐτῶν.

ΠΕΚΙΝΟΝ, Σεπτέμβριος. ('Σ. Υπηρ.). — Ἡ κινεζικὴ κομμουνιστικὴ οἰκονομία ἀναρρώνει βαθμηδὸν μετὰ τὰς ἀποτυχίας τῶν προηγουμένων ἐτῶν.

ΣΤΟΝ ΔΡΟΜΟΝ Η ΓΕΩΡΓΙΑ

ΠΕΚΙΝΟΝ, Σεπτέμβριος. ('Σ. Υπηρ.). — Ἡ κινεζικὴ κομμουνιστικὴ οἰκονομία ἀναρρώνει βαθμηδὸν μετὰ τὰς ἀποτυχίας τῶν προηγουμένων ἐτῶν.

ΠΕΚΙΝΟΝ, Σεπτέμβριος. ('Σ. Υπηρ.). — Ἡ κινεζικὴ κομμουνιστικὴ οἰκονομία ἀναρρώνει βαθμηδὸν μετὰ τὰς ἀποτυχίας τῶν προηγουμένων ἐτῶν.

ΠΕΚΙΝΟΝ, Σεπτέμβριος. ('Σ. Υπηρ.). — Ἡ κινεζικὴ κομμουνιστικὴ οἰκονομία ἀναρρώνει βαθμηδὸν μετὰ τὰς ἀποτυχίας τῶν προηγουμένων ἐτῶν.

DEUTSCHE SCHULE
THESSALONIKI
ΓΕΡΜΑΝΙΚΗ ΣΧΟΛΗ ΘΕΣΣΑΛΟΝΙΚΗΣ
ΒΑΣΙΛΙΣΣΗΣ ΟΛΓΑΣ 82 — ΤΗΛΕΦ. 81.500
ΑΝΑΚΟΙΝΩΣΙΣ
Ἀνακοινοῦται ὅτι τὰ ἀπογευματινὰ τμήματα γερμανικῆς γλώσσης (τμήμα 1) μαθηταὶ Ε' τάξεως Δημοτικοῦ ἐκλέγονται, προκειμένου διὰ τὰς ἐγγραφὰς πρέπει νὰ ἐπισκεφθοῦν τὸ σχολεῖον ἀπὸ 26 μέχρι 30 Σεπτεμβρίου καὶ ὥρα 9-12 π.μ. Πλείονας πληροφορίας παρέχει ἡ Γραμματεία.
ΕΚ ΤΗΣ ΔΙΕΥΘΥΝΣΕΩΣ
